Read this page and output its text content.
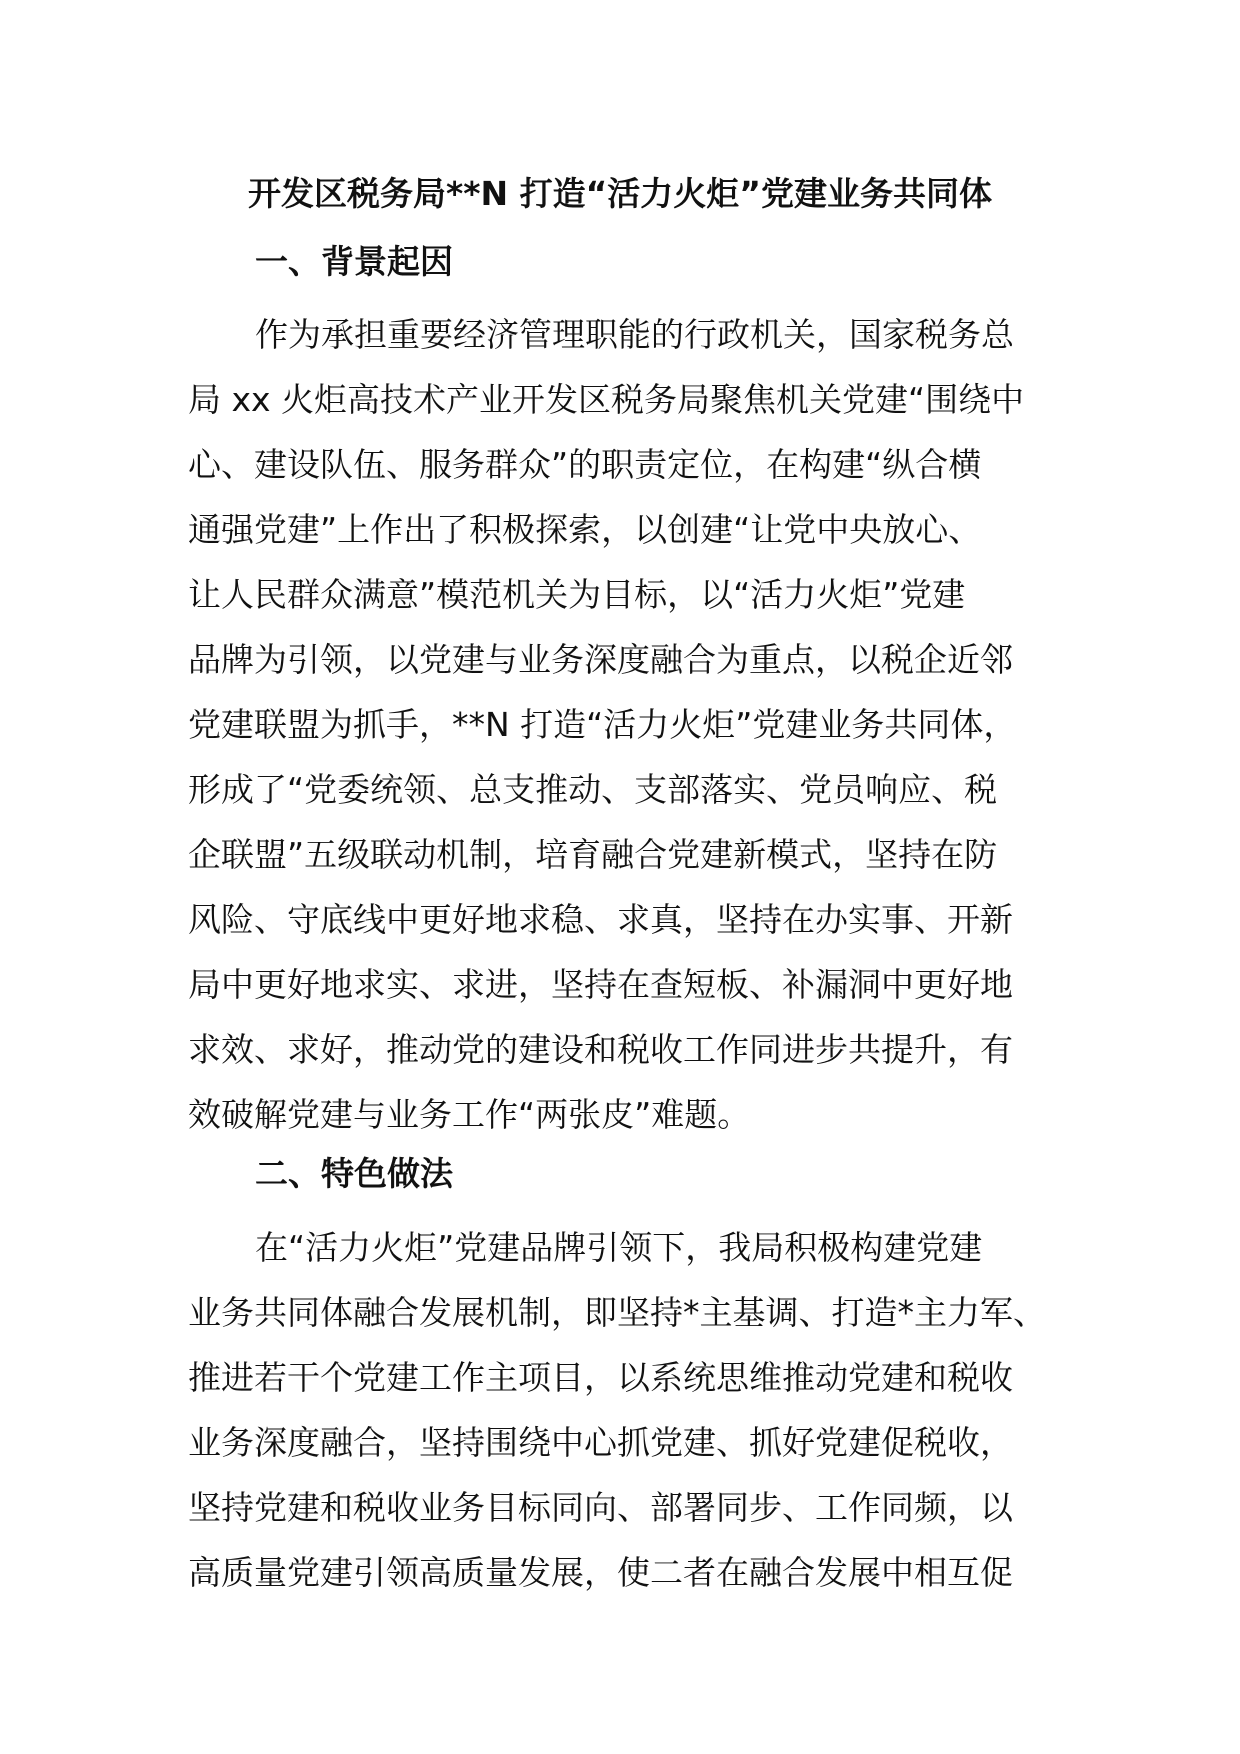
开发区税务局**N 打造“活力火炬”党建业务共同体
一、背景起因
作为承担重要经济管理职能的行政机关，国家税务总
局 xx 火炬高技术产业开发区税务局聚焦机关党建“围绕中
心、建设队伍、服务群众”的职责定位，在构建“纵合横
通强党建”上作出了积极探索，以创建“让党中央放心、
让人民群众满意”模范机关为目标，以“活力火炬”党建
品牌为引领，以党建与业务深度融合为重点，以税企近邻
党建联盟为抓手，**N 打造“活力火炬”党建业务共同体，
形成了“党委统领、总支推动、支部落实、党员响应、税
企联盟”五级联动机制，培育融合党建新模式，坚持在防
风险、守底线中更好地求稳、求真，坚持在办实事、开新
局中更好地求实、求进，坚持在查短板、补漏洞中更好地
求效、求好，推动党的建设和税收工作同进步共提升，有
效破解党建与业务工作“两张皮”难题。
二、特色做法
在“活力火炬”党建品牌引领下，我局积极构建党建
业务共同体融合发展机制，即坚持*主基调、打造*主力军、
推进若干个党建工作主项目，以系统思维推动党建和税收
业务深度融合，坚持围绕中心抓党建、抓好党建促税收，
坚持党建和税收业务目标同向、部署同步、工作同频，以
高质量党建引领高质量发展，使二者在融合发展中相互促
